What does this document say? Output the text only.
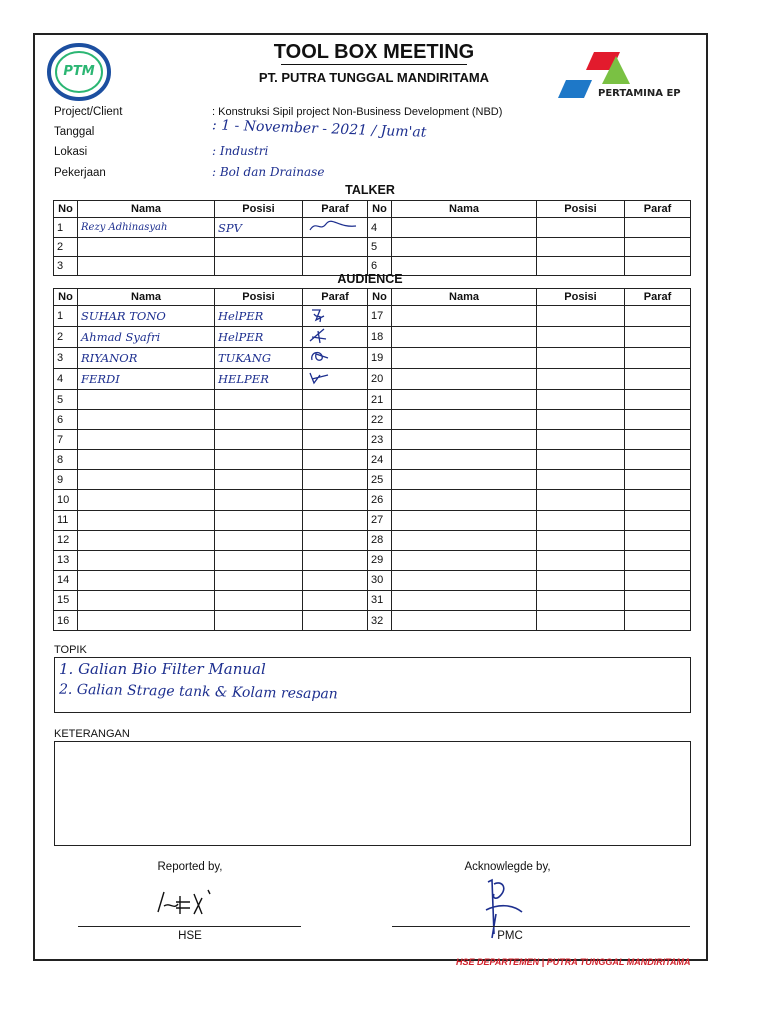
PTM
PERTAMINA EP
TOOL BOX MEETING
PT. PUTRA TUNGGAL MANDIRITAMA
Project/Client	: Konstruksi Sipil project Non-Business Development (NBD)
Tanggal	: 1 - November - 2021 / Jum'at
Lokasi	: Industri
Pekerjaan	: Bol dan Drainase
TALKER
No	Nama	Posisi	Paraf	No	Nama	Posisi	Paraf
1	Rezy Adhinasyah	SPV		4			
2				5			
3				6			
AUDIENCE
No	Nama	Posisi	Paraf	No	Nama	Posisi	Paraf
1	SUHAR TONO	HelPER		17			
2	Ahmad Syafri	HelPER		18			
3	RIYANOR	TUKANG		19			
4	FERDI	HELPER		20			
5				21			
6				22			
7				23			
8				24			
9				25			
10				26			
11				27			
12				28			
13				29			
14				30			
15				31			
16				32			
TOPIK
1. Galian Bio Filter Manual
2. Galian Strage tank & Kolam resapan
KETERANGAN
Reported by,
HSE
Acknowlegde by,
PMC
HSE DEPARTEMEN | PUTRA TUNGGAL MANDIRITAMA
